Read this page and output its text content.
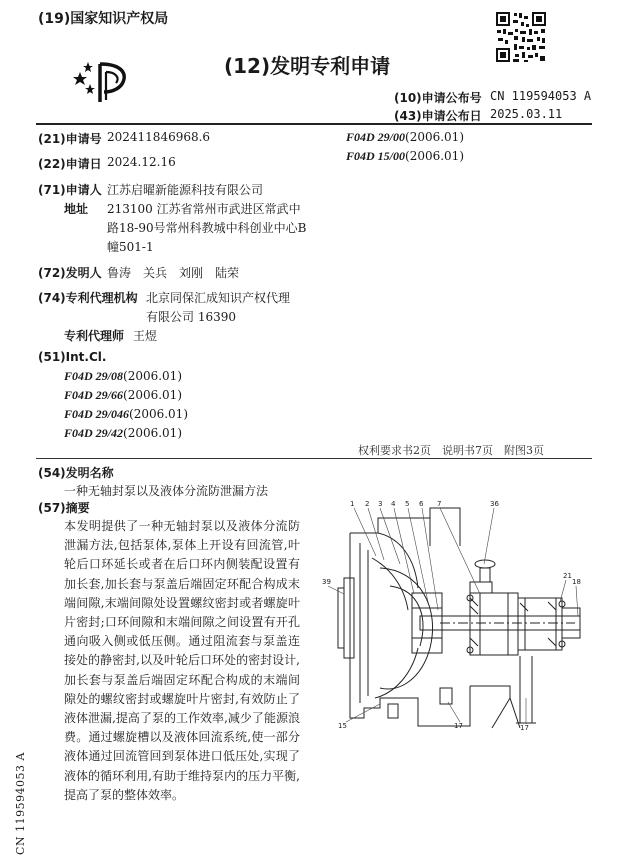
(19)国家知识产权局
(12)发明专利申请
(10)申请公布号 CN 119594053 A
(43)申请公布日 2025.03.11
(21)申请号 202411846968.6
(22)申请日 2024.12.16
(71)申请人 江苏启曜新能源科技有限公司
地址 213100 江苏省常州市武进区常武中
路18-90号常州科教城中科创业中心B
幢501-1
(72)发明人 鲁涛　关兵　刘刚　陆荣
(74)专利代理机构 北京同保汇成知识产权代理
有限公司 16390
专利代理师 王煜
(51)Int.Cl.
F04D 29/08(2006.01)
F04D 29/66(2006.01)
F04D 29/046(2006.01)
F04D 29/42(2006.01)
F04D 29/00(2006.01)
F04D 15/00(2006.01)
权利要求书2页　说明书7页　附图3页
(54)发明名称
一种无轴封泵以及液体分流防泄漏方法
(57)摘要
本发明提供了一种无轴封泵以及液体分流防泄漏方法,包括泵体,泵体上开设有回流管,叶轮后口环延长或者在后口环内侧装配设置有加长套,加长套与泵盖后端固定环配合构成末端间隙,末端间隙处设置螺纹密封或者螺旋叶片密封;口环间隙和末端间隙之间设置有开孔通向吸入侧或低压侧。通过阻流套与泵盖连接处的静密封,以及叶轮后口环处的密封设计,加长套与泵盖后端固定环配合构成的末端间隙处的螺纹密封或螺旋叶片密封,有效防止了液体泄漏,提高了泵的工作效率,减少了能源浪费。通过螺旋槽以及液体回流系统,使一部分液体通过回流管回到泵体进口低压处,实现了液体的循环利用,有助于维持泵内的压力平衡,提高了泵的整体效率。
CN 119594053 A
1 2 3 4 5 6 7	36
39
21
18
15	17	17
